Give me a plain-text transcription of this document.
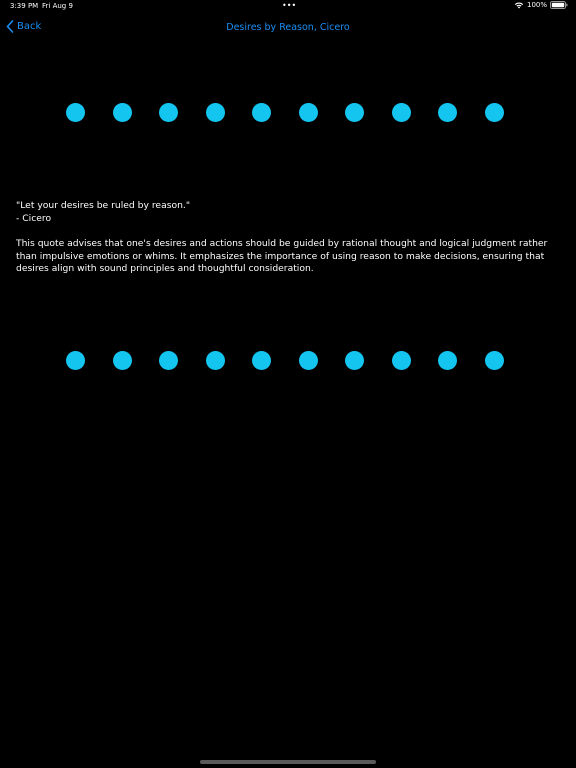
3:39 PM Fri Aug 9	•••	100%
Back	Desires by Reason, Cicero
"Let your desires be ruled by reason."
- Cicero
This quote advises that one's desires and actions should be guided by rational thought and logical judgment rather than impulsive emotions or whims. It emphasizes the importance of using reason to make decisions, ensuring that desires align with sound principles and thoughtful consideration.
